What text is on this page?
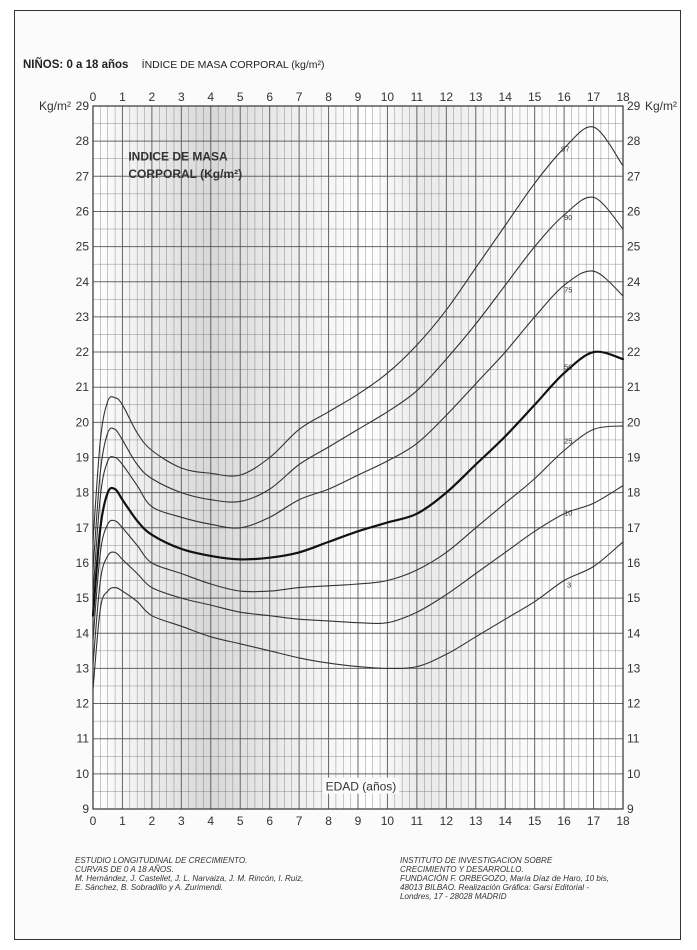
NIÑOS: 0 a 18 años ÍNDICE DE MASA CORPORAL (kg/m²)
0
0
1
1
2
2
3
3
4
4
5
5
6
6
7
7
8
8
9
9
10
10
11
11
12
12
13
13
14
14
15
15
16
16
17
17
18
18
9	9
10	10
11	11
12	12
13	13
14	14
15	15
16	16
17	17
18	18
19	19
20	20
21	21
22	22
23	23
24	24
25	25
26	26
27	27
28	28
29	29
Kg/m²	Kg/m²
INDICE DE MASA
CORPORAL (Kg/m²)
EDAD (años)
97
90
75
50
25
10
3
ESTUDIO LONGITUDINAL DE CRECIMIENTO.
CURVAS DE 0 A 18 AÑOS.
M. Hernández, J. Castellet, J. L. Narvaiza, J. M. Rincón, I. Ruiz,
E. Sánchez, B. Sobradillo y A. Zurimendi.
INSTITUTO DE INVESTIGACION SOBRE
CRECIMIENTO Y DESARROLLO.
FUNDACIÓN F. ORBEGOZO, María Díaz de Haro, 10 bis,
48013 BILBAO. Realización Gráfica: Garsi Editorial -
Londres, 17 - 28028 MADRID
